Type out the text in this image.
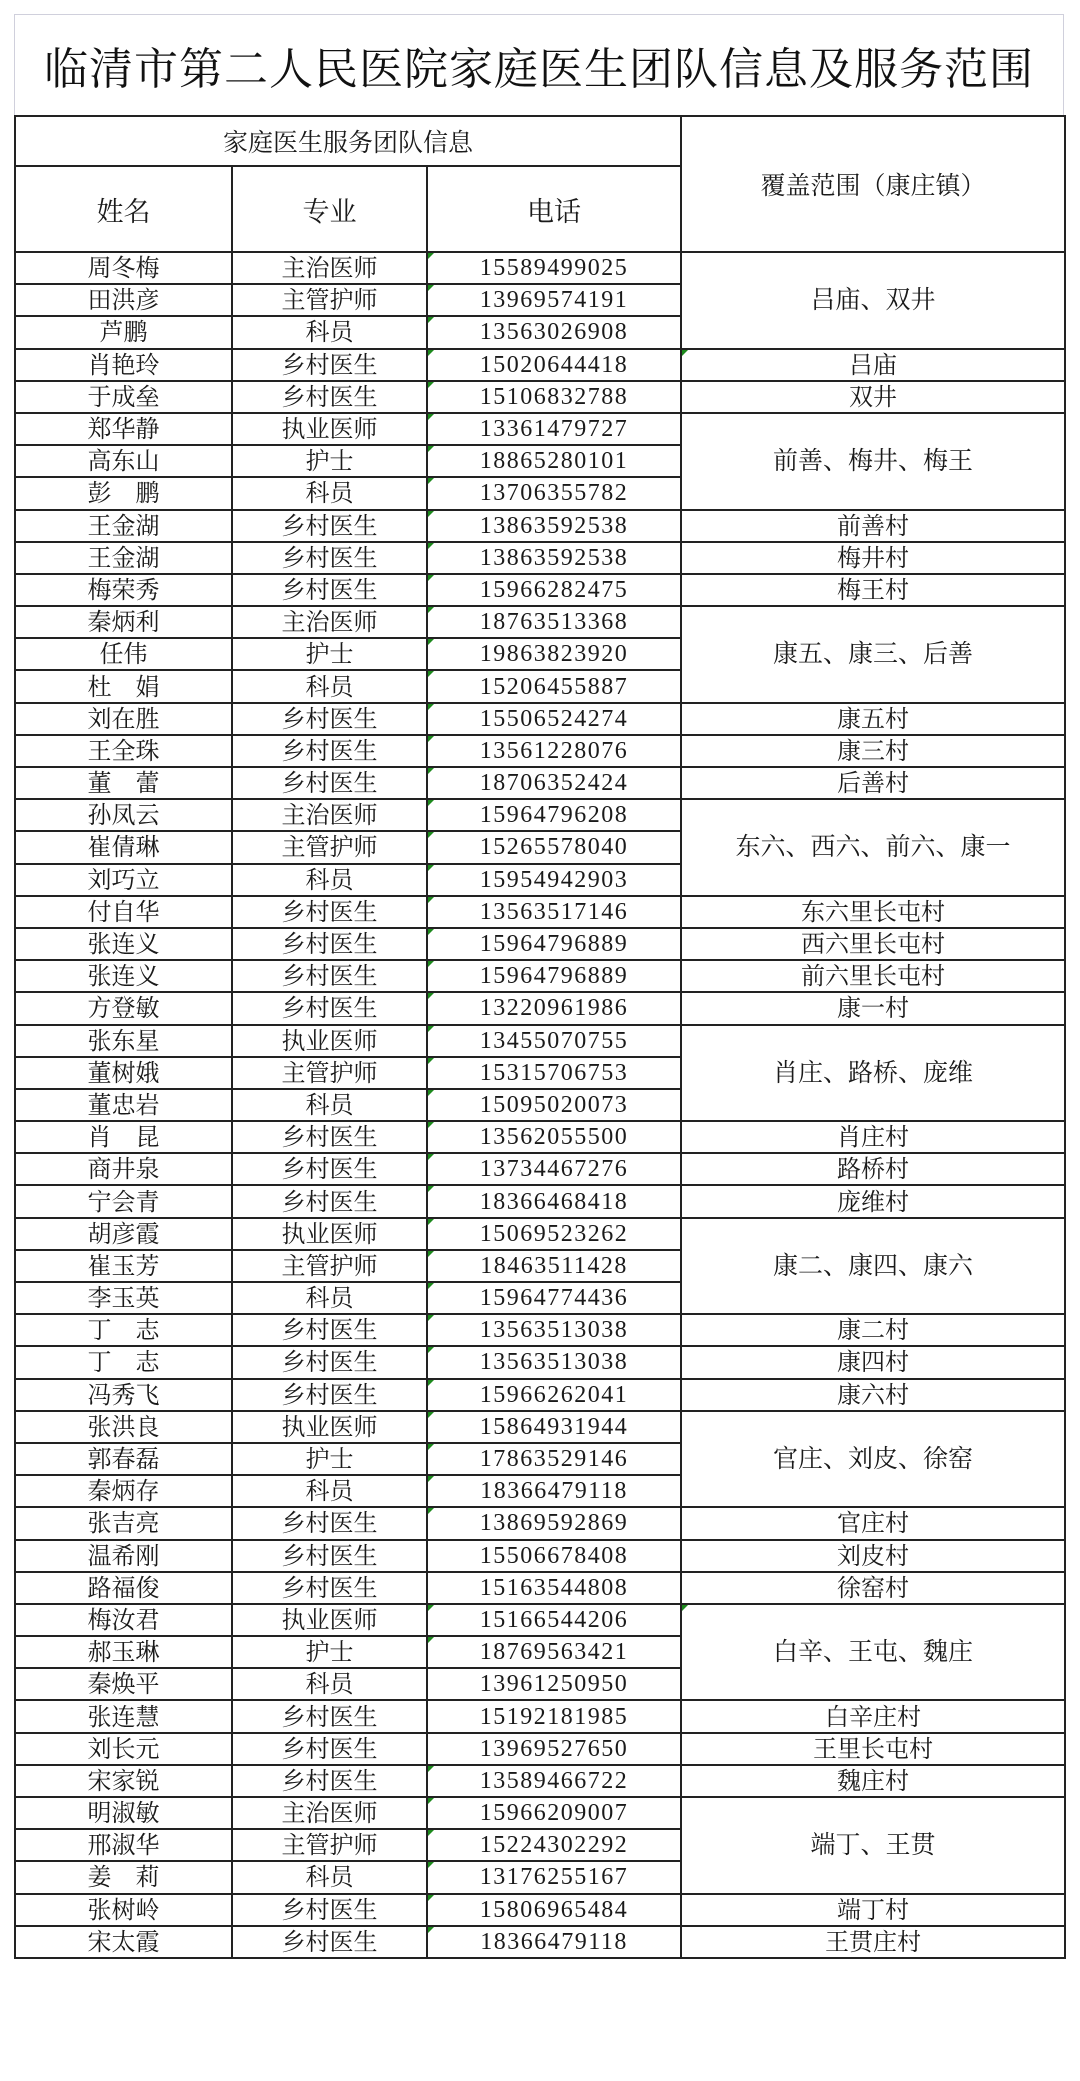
临清市第二人民医院家庭医生团队信息及服务范围
家庭医生服务团队信息			覆盖范围（康庄镇）
姓名	专业	电话	
周冬梅	主治医师	15589499025	吕庙、双井
田洪彦	主管护师	13969574191	
芦鹏	科员	13563026908	
肖艳玲	乡村医生	15020644418	吕庙
于成垒	乡村医生	15106832788	双井
郑华静	执业医师	13361479727	前善、梅井、梅王
高东山	护士	18865280101	
彭　鹏	科员	13706355782	
王金湖	乡村医生	13863592538	前善村
王金湖	乡村医生	13863592538	梅井村
梅荣秀	乡村医生	15966282475	梅王村
秦炳利	主治医师	18763513368	康五、康三、后善
任伟	护士	19863823920	
杜　娟	科员	15206455887	
刘在胜	乡村医生	15506524274	康五村
王全珠	乡村医生	13561228076	康三村
董　蕾	乡村医生	18706352424	后善村
孙凤云	主治医师	15964796208	东六、西六、前六、康一
崔倩琳	主管护师	15265578040	
刘巧立	科员	15954942903	
付自华	乡村医生	13563517146	东六里长屯村
张连义	乡村医生	15964796889	西六里长屯村
张连义	乡村医生	15964796889	前六里长屯村
方登敏	乡村医生	13220961986	康一村
张东星	执业医师	13455070755	肖庄、路桥、庞维
董树娥	主管护师	15315706753	
董忠岩	科员	15095020073	
肖　昆	乡村医生	13562055500	肖庄村
商井泉	乡村医生	13734467276	路桥村
宁会青	乡村医生	18366468418	庞维村
胡彦霞	执业医师	15069523262	康二、康四、康六
崔玉芳	主管护师	18463511428	
李玉英	科员	15964774436	
丁　志	乡村医生	13563513038	康二村
丁　志	乡村医生	13563513038	康四村
冯秀飞	乡村医生	15966262041	康六村
张洪良	执业医师	15864931944	官庄、刘皮、徐窑
郭春磊	护士	17863529146	
秦炳存	科员	18366479118	
张吉亮	乡村医生	13869592869	官庄村
温希刚	乡村医生	15506678408	刘皮村
路福俊	乡村医生	15163544808	徐窑村
梅汝君	执业医师	15166544206	白辛、王屯、魏庄
郝玉琳	护士	18769563421	
秦焕平	科员	13961250950	
张连慧	乡村医生	15192181985	白辛庄村
刘长元	乡村医生	13969527650	王里长屯村
宋家锐	乡村医生	13589466722	魏庄村
明淑敏	主治医师	15966209007	端丁、王贯
邢淑华	主管护师	15224302292	
姜　莉	科员	13176255167	
张树岭	乡村医生	15806965484	端丁村
宋太霞	乡村医生	18366479118	王贯庄村
